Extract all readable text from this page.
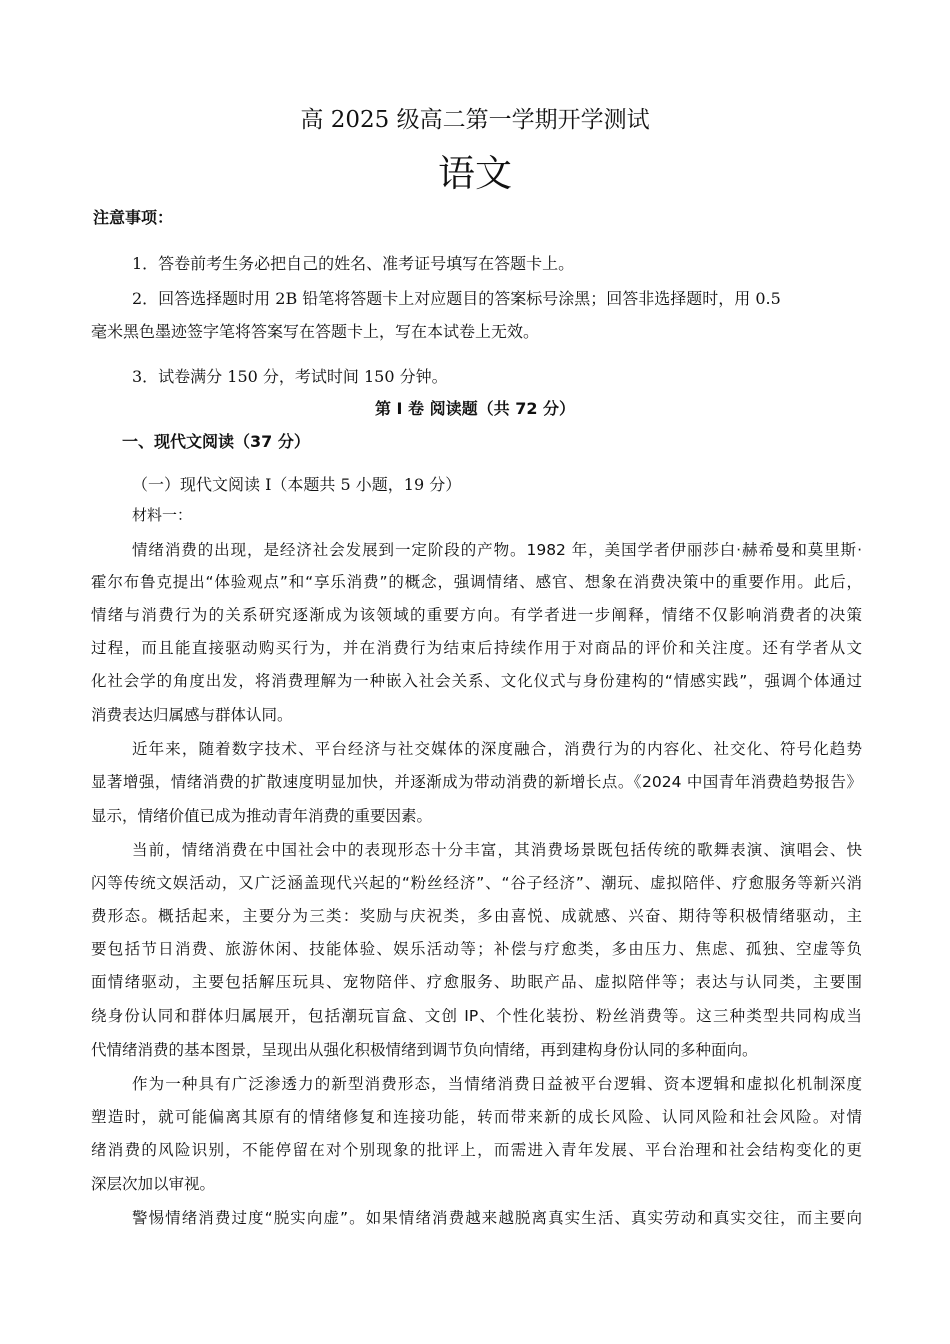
高 2025 级高二第一学期开学测试

语文

注意事项：

1．答卷前考生务必把自己的姓名、准考证号填写在答题卡上。

2．回答选择题时用 2B 铅笔将答题卡上对应题目的答案标号涂黑；回答非选择题时，用 0.5

毫米黑色墨迹签字笔将答案写在答题卡上，写在本试卷上无效。

3．试卷满分 150 分，考试时间 150 分钟。

第 I 卷 阅读题（共 72 分）

一、现代文阅读（37 分）

（一）现代文阅读 I（本题共 5 小题，19 分）

材料一：

情绪消费的出现，是经济社会发展到一定阶段的产物。1982 年，美国学者伊丽莎白·赫希曼和莫里斯·

霍尔布鲁克提出“体验观点”和“享乐消费”的概念，强调情绪、感官、想象在消费决策中的重要作用。此后，

情绪与消费行为的关系研究逐渐成为该领域的重要方向。有学者进一步阐释，情绪不仅影响消费者的决策

过程，而且能直接驱动购买行为，并在消费行为结束后持续作用于对商品的评价和关注度。还有学者从文

化社会学的角度出发，将消费理解为一种嵌入社会关系、文化仪式与身份建构的“情感实践”，强调个体通过

消费表达归属感与群体认同。

近年来，随着数字技术、平台经济与社交媒体的深度融合，消费行为的内容化、社交化、符号化趋势

显著增强，情绪消费的扩散速度明显加快，并逐渐成为带动消费的新增长点。《2024 中国青年消费趋势报告》

显示，情绪价值已成为推动青年消费的重要因素。

当前，情绪消费在中国社会中的表现形态十分丰富，其消费场景既包括传统的歌舞表演、演唱会、快

闪等传统文娱活动，又广泛涵盖现代兴起的“粉丝经济”、“谷子经济”、潮玩、虚拟陪伴、疗愈服务等新兴消

费形态。概括起来，主要分为三类：奖励与庆祝类，多由喜悦、成就感、兴奋、期待等积极情绪驱动，主

要包括节日消费、旅游休闲、技能体验、娱乐活动等；补偿与疗愈类，多由压力、焦虑、孤独、空虚等负

面情绪驱动，主要包括解压玩具、宠物陪伴、疗愈服务、助眠产品、虚拟陪伴等；表达与认同类，主要围

绕身份认同和群体归属展开，包括潮玩盲盒、文创 IP、个性化装扮、粉丝消费等。这三种类型共同构成当

代情绪消费的基本图景，呈现出从强化积极情绪到调节负向情绪，再到建构身份认同的多种面向。

作为一种具有广泛渗透力的新型消费形态，当情绪消费日益被平台逻辑、资本逻辑和虚拟化机制深度

塑造时，就可能偏离其原有的情绪修复和连接功能，转而带来新的成长风险、认同风险和社会风险。对情

绪消费的风险识别，不能停留在对个别现象的批评上，而需进入青年发展、平台治理和社会结构变化的更

深层次加以审视。

警惕情绪消费过度“脱实向虚”。如果情绪消费越来越脱离真实生活、真实劳动和真实交往，而主要向
